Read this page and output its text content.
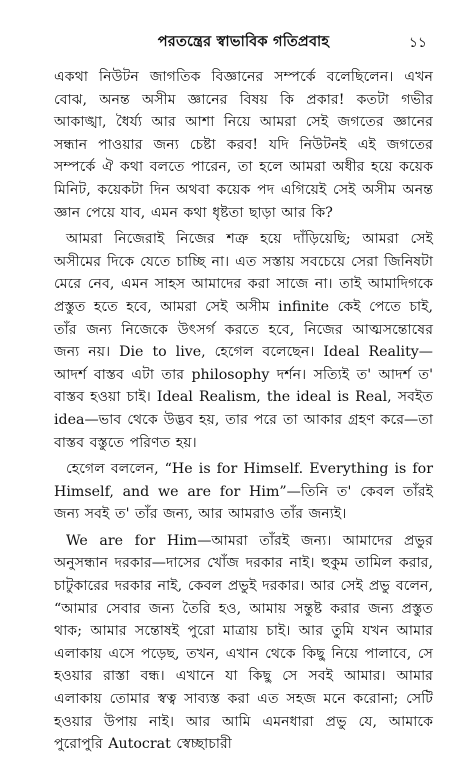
পরতন্ত্রের স্বাভাবিক গতিপ্রবাহ	১১

একথা নিউটন জাগতিক বিজ্ঞানের সম্পর্কে বলেছিলেন। এখন বোঝ, অনন্ত অসীম জ্ঞানের বিষয় কি প্রকার! কতটা গভীর আকাঙ্খা, ধৈর্য্য আর আশা নিয়ে আমরা সেই জগতের জ্ঞানের সন্ধান পাওয়ার জন্য চেষ্টা করব! যদি নিউটনই এই জগতের সম্পর্কে ঐ কথা বলতে পারেন, তা হলে আমরা অধীর হয়ে কয়েক মিনিট, কয়েকটা দিন অথবা কয়েক পদ এগিয়েই সেই অসীম অনন্ত জ্ঞান পেয়ে যাব, এমন কথা ধৃষ্টতা ছাড়া আর কি?

আমরা নিজেরাই নিজের শত্রু হয়ে দাঁড়িয়েছি; আমরা সেই অসীমের দিকে যেতে চাচ্ছি না। এত সস্তায় সবচেয়ে সেরা জিনিষটা মেরে নেব, এমন সাহস আমাদের করা সাজে না। তাই আমাদিগকে প্রস্তুত হতে হবে, আমরা সেই অসীম infinite কেই পেতে চাই, তাঁর জন্য নিজেকে উৎসর্গ করতে হবে, নিজের আত্মসন্তোষের জন্য নয়। Die to live, হেগেল বলেছেন। Ideal Reality—আদর্শ বাস্তব এটা তার philosophy দর্শন। সত্যিই ত' আদর্শ ত' বাস্তব হওয়া চাই। Ideal Realism, the ideal is Real, সবইত idea—ভাব থেকে উদ্ভব হয়, তার পরে তা আকার গ্রহণ করে—তা বাস্তব বস্তুতে পরিণত হয়।

হেগেল বললেন, “He is for Himself. Everything is for Himself, and we are for Him”—তিনি ত' কেবল তাঁরই জন্য সবই ত' তাঁর জন্য, আর আমরাও তাঁর জন্যই।

We are for Him—আমরা তাঁরই জন্য। আমাদের প্রভুর অনুসন্ধান দরকার—দাসের খোঁজ দরকার নাই। হুকুম তামিল করার, চাটুকারের দরকার নাই, কেবল প্রভুই দরকার। আর সেই প্রভু বলেন, “আমার সেবার জন্য তৈরি হও, আমায় সন্তুষ্ট করার জন্য প্রস্তুত থাক; আমার সন্তোষই পুরো মাত্রায় চাই। আর তুমি যখন আমার এলাকায় এসে পড়েছ, তখন, এখান থেকে কিছু নিয়ে পালাবে, সে হওয়ার রাস্তা বন্ধ। এখানে যা কিছু সে সবই আমার। আমার এলাকায় তোমার স্বত্ব সাব্যস্ত করা এত সহজ মনে করোনা; সেটি হওয়ার উপায় নাই। আর আমি এমনধারা প্রভু যে, আমাকে পুরোপুরি Autocrat স্বেচ্ছাচারী
